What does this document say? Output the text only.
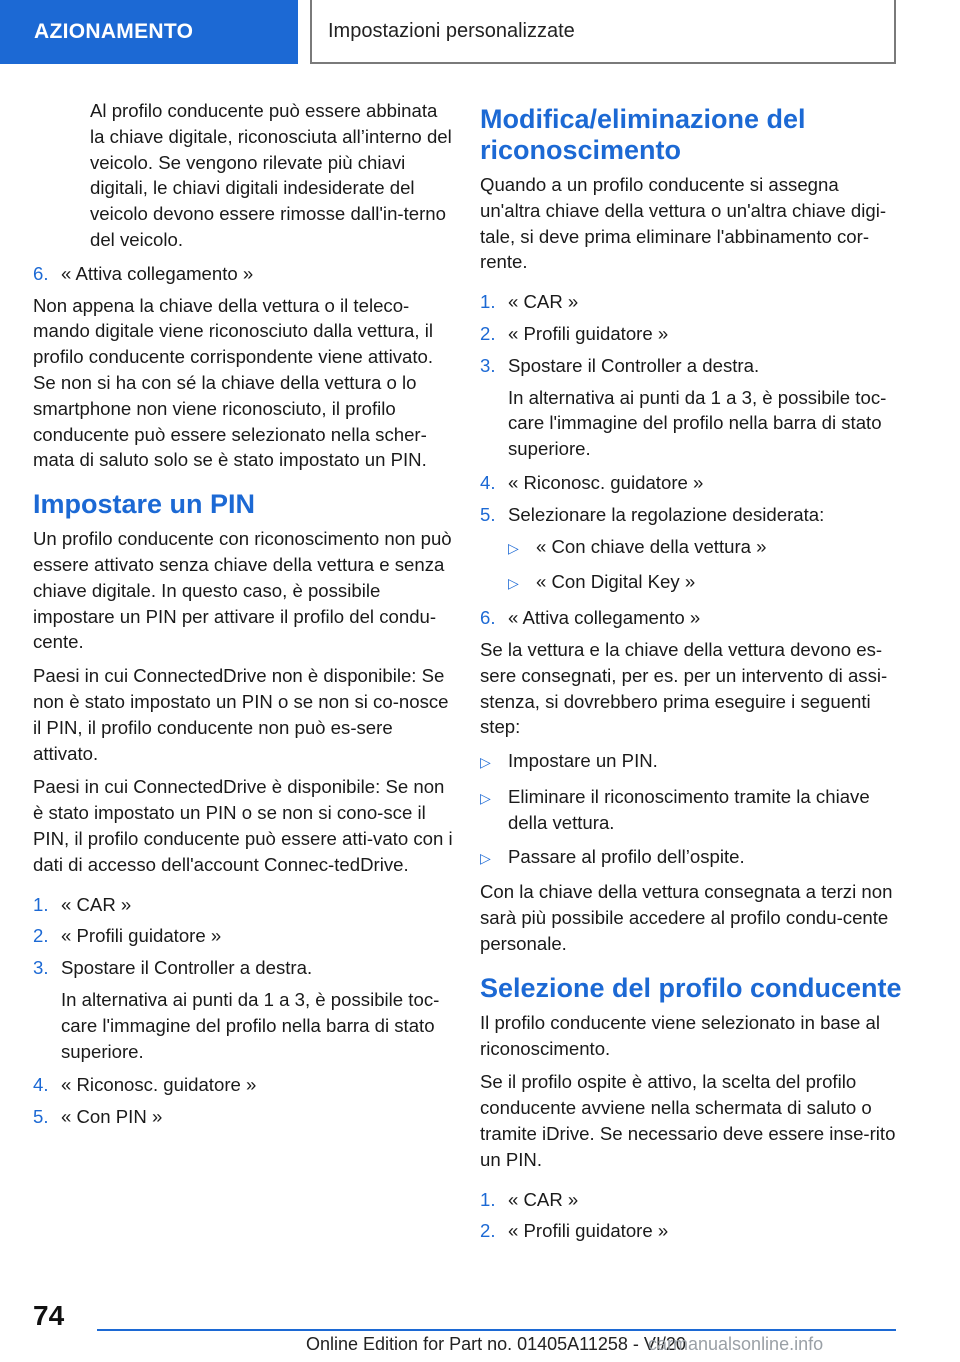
AZIONAMENTO	Impostazioni personalizzate

Al profilo conducente può essere abbinata la chiave digitale, riconosciuta all’interno del veicolo. Se vengono rilevate più chiavi digitali, le chiavi digitali indesiderate del veicolo devono essere rimosse dall'in-terno del veicolo.

6. « Attiva collegamento »

Non appena la chiave della vettura o il teleco-mando digitale viene riconosciuto dalla vettura, il profilo conducente corrispondente viene attivato. Se non si ha con sé la chiave della vettura o lo smartphone non viene riconosciuto, il profilo conducente può essere selezionato nella scher-mata di saluto solo se è stato impostato un PIN.

Impostare un PIN

Un profilo conducente con riconoscimento non può essere attivato senza chiave della vettura e senza chiave digitale. In questo caso, è possibile impostare un PIN per attivare il profilo del condu-cente.

Paesi in cui ConnectedDrive non è disponibile: Se non è stato impostato un PIN o se non si co-nosce il PIN, il profilo conducente non può es-sere attivato.

Paesi in cui ConnectedDrive è disponibile: Se non è stato impostato un PIN o se non si cono-sce il PIN, il profilo conducente può essere atti-vato con i dati di accesso dell'account Connec-tedDrive.

1. « CAR »
2. « Profili guidatore »
3. Spostare il Controller a destra.

In alternativa ai punti da 1 a 3, è possibile toc-care l'immagine del profilo nella barra di stato superiore.

4. « Riconosc. guidatore »
5. « Con PIN »
Modifica/eliminazione del riconoscimento

Quando a un profilo conducente si assegna un'altra chiave della vettura o un'altra chiave digi-tale, si deve prima eliminare l'abbinamento cor-rente.

1. « CAR »
2. « Profili guidatore »
3. Spostare il Controller a destra.

In alternativa ai punti da 1 a 3, è possibile toc-care l'immagine del profilo nella barra di stato superiore.

4. « Riconosc. guidatore »
5. Selezionare la regolazione desiderata:
▷ « Con chiave della vettura »
▷ « Con Digital Key »
6. « Attiva collegamento »

Se la vettura e la chiave della vettura devono es-sere consegnati, per es. per un intervento di assi-stenza, si dovrebbero prima eseguire i seguenti step:

▷ Impostare un PIN.
▷ Eliminare il riconoscimento tramite la chiave della vettura.
▷ Passare al profilo dell’ospite.

Con la chiave della vettura consegnata a terzi non sarà più possibile accedere al profilo condu-cente personale.

Selezione del profilo conducente

Il profilo conducente viene selezionato in base al riconoscimento.

Se il profilo ospite è attivo, la scelta del profilo conducente avviene nella schermata di saluto o tramite iDrive. Se necessario deve essere inse-rito un PIN.

1. « CAR »
2. « Profili guidatore »
74
Online Edition for Part no. 01405A11258 - VI/20
carmanualsonline.info
